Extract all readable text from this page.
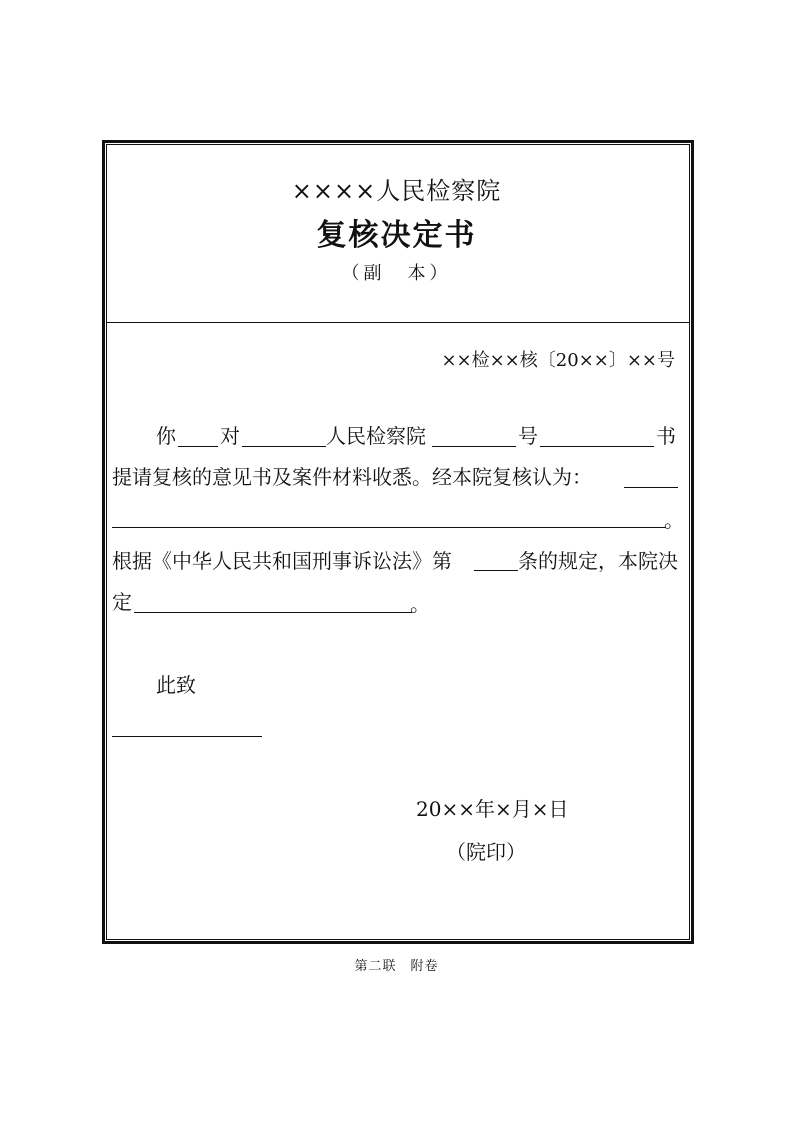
××××人民检察院
复核决定书
（副　本）
××检××核〔20××〕××号
你 对	人民检察院	号	书
提请复核的意见书及案件材料收悉。经本院复核认为：
。
根据《中华人民共和国刑事诉讼法》第	条的规定，本院决
定	。
此致
20××年×月×日
（院印）
第二联　附卷
